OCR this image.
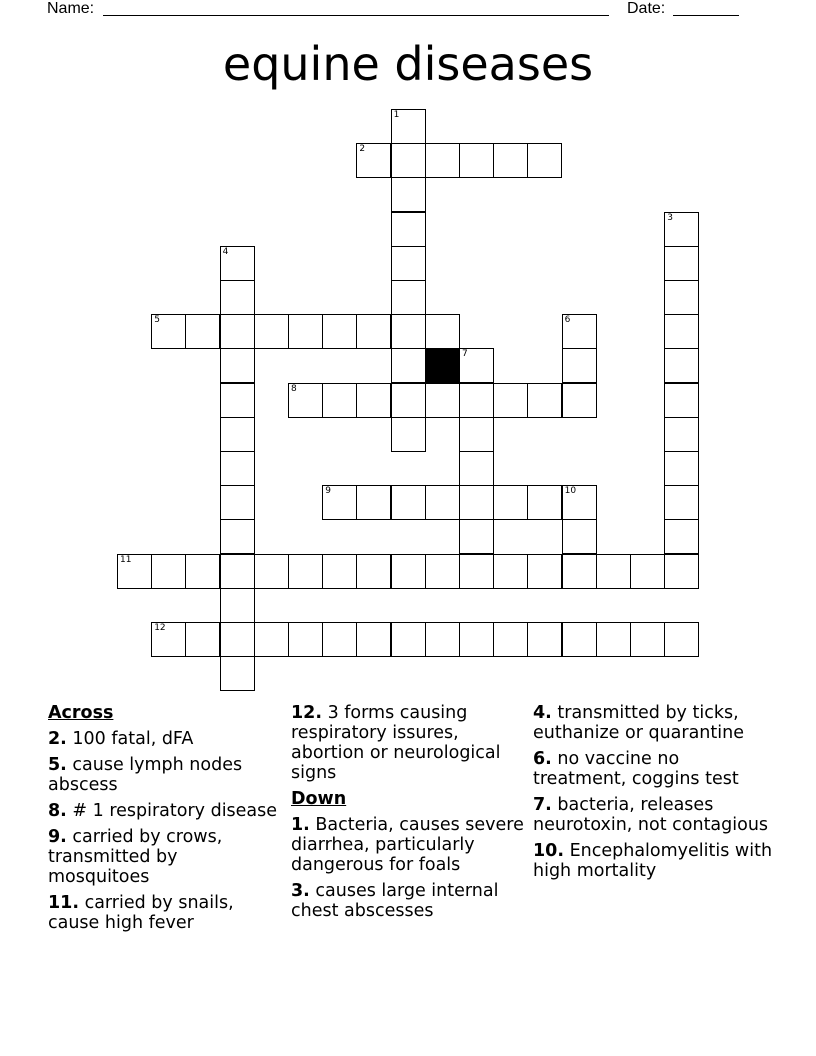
Name:	Date:
equine diseases
1
2
3
4
5	6
7
8
9	10
11
12
Across
2. 100 fatal, dFA
5. cause lymph nodes abscess
8. # 1 respiratory disease
9. carried by crows, transmitted by mosquitoes
11. carried by snails, cause high fever
12. 3 forms causing respiratory issures, abortion or neurological signs
Down
1. Bacteria, causes severe diarrhea, particularly dangerous for foals
3. causes large internal chest abscesses
4. transmitted by ticks, euthanize or quarantine
6. no vaccine no treatment, coggins test
7. bacteria, releases neurotoxin, not contagious
10. Encephalomyelitis with high mortality
